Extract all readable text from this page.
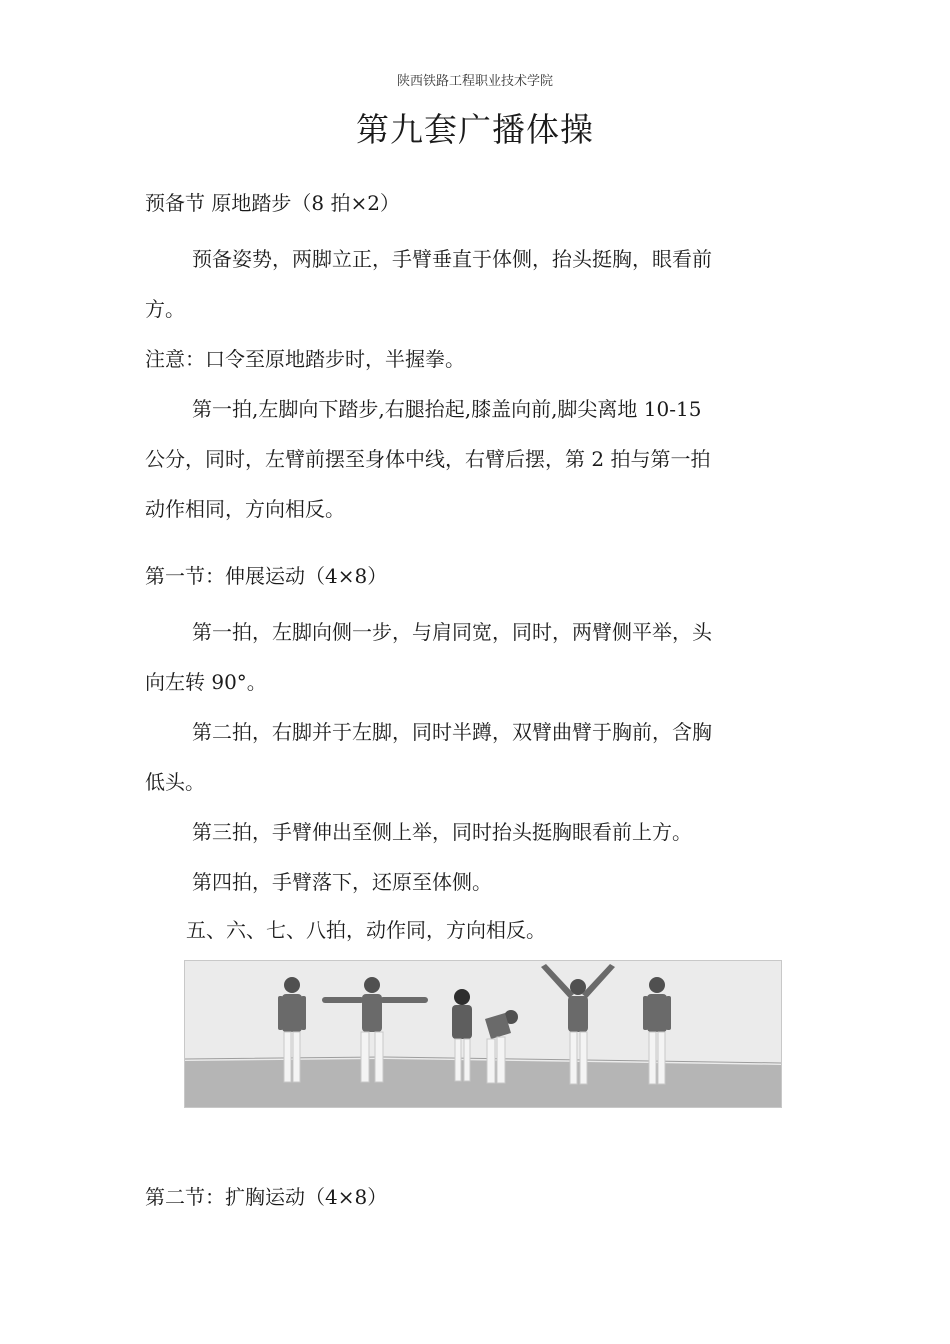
陕西铁路工程职业技术学院
第九套广播体操
预备节 原地踏步（8 拍×2）
预备姿势，两脚立正，手臂垂直于体侧，抬头挺胸，眼看前
方。
注意：口令至原地踏步时，半握拳。
第一拍,左脚向下踏步,右腿抬起,膝盖向前,脚尖离地 10-15
公分，同时，左臂前摆至身体中线，右臂后摆，第 2 拍与第一拍
动作相同，方向相反。
第一节：伸展运动（4×8）
第一拍，左脚向侧一步，与肩同宽，同时，两臂侧平举，头
向左转 90°。
第二拍，右脚并于左脚，同时半蹲，双臂曲臂于胸前，含胸
低头。
第三拍，手臂伸出至侧上举，同时抬头挺胸眼看前上方。
第四拍，手臂落下，还原至体侧。
五、六、七、八拍，动作同，方向相反。
第二节：扩胸运动（4×8）
